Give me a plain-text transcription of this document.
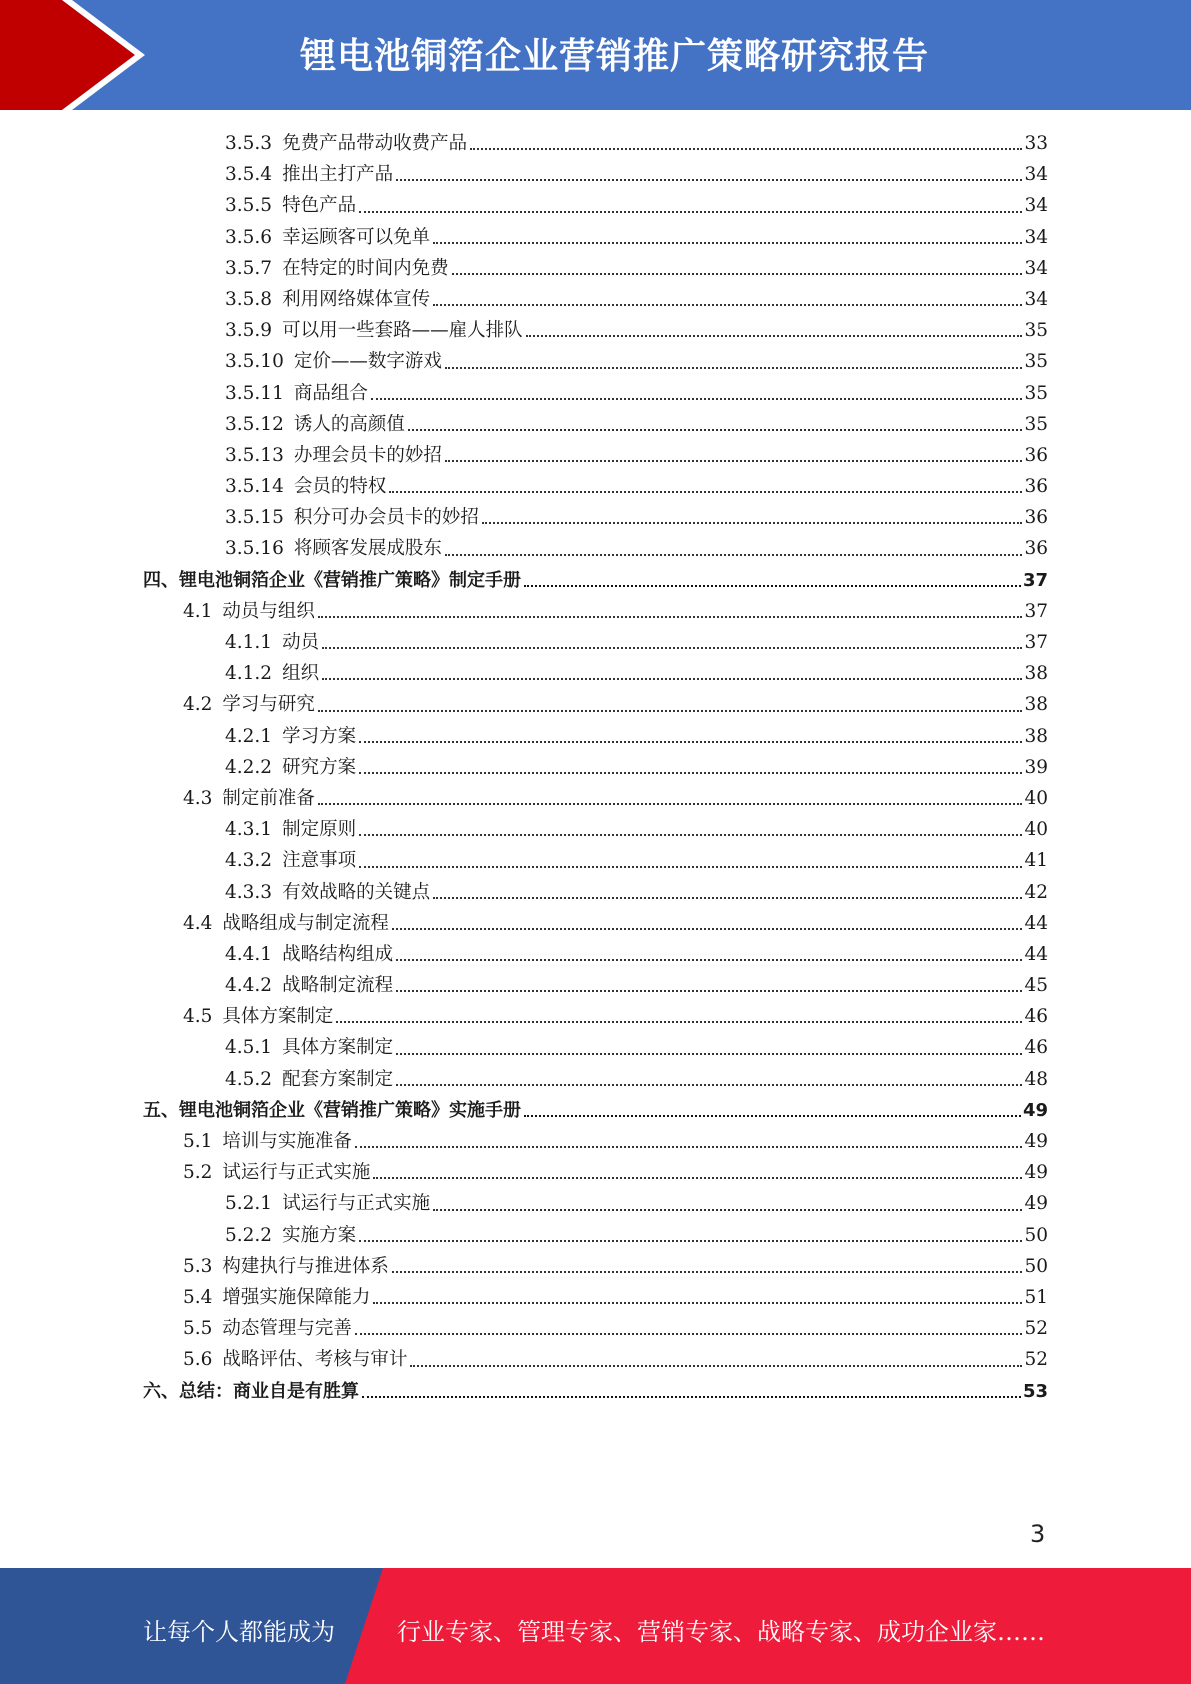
锂电池铜箔企业营销推广策略研究报告
3.5.3 免费产品带动收费产品	33
3.5.4 推出主打产品	34
3.5.5 特色产品	34
3.5.6 幸运顾客可以免单	34
3.5.7 在特定的时间内免费	34
3.5.8 利用网络媒体宣传	34
3.5.9 可以用一些套路——雇人排队	35
3.5.10 定价——数字游戏	35
3.5.11 商品组合	35
3.5.12 诱人的高颜值	35
3.5.13 办理会员卡的妙招	36
3.5.14 会员的特权	36
3.5.15 积分可办会员卡的妙招	36
3.5.16 将顾客发展成股东	36
四、锂电池铜箔企业《营销推广策略》制定手册	37
4.1 动员与组织	37
4.1.1 动员	37
4.1.2 组织	38
4.2 学习与研究	38
4.2.1 学习方案	38
4.2.2 研究方案	39
4.3 制定前准备	40
4.3.1 制定原则	40
4.3.2 注意事项	41
4.3.3 有效战略的关键点	42
4.4 战略组成与制定流程	44
4.4.1 战略结构组成	44
4.4.2 战略制定流程	45
4.5 具体方案制定	46
4.5.1 具体方案制定	46
4.5.2 配套方案制定	48
五、锂电池铜箔企业《营销推广策略》实施手册	49
5.1 培训与实施准备	49
5.2 试运行与正式实施	49
5.2.1 试运行与正式实施	49
5.2.2 实施方案	50
5.3 构建执行与推进体系	50
5.4 增强实施保障能力	51
5.5 动态管理与完善	52
5.6 战略评估、考核与审计	52
六、总结：商业自是有胜算	53
3
让每个人都能成为	行业专家、管理专家、营销专家、战略专家、成功企业家……
